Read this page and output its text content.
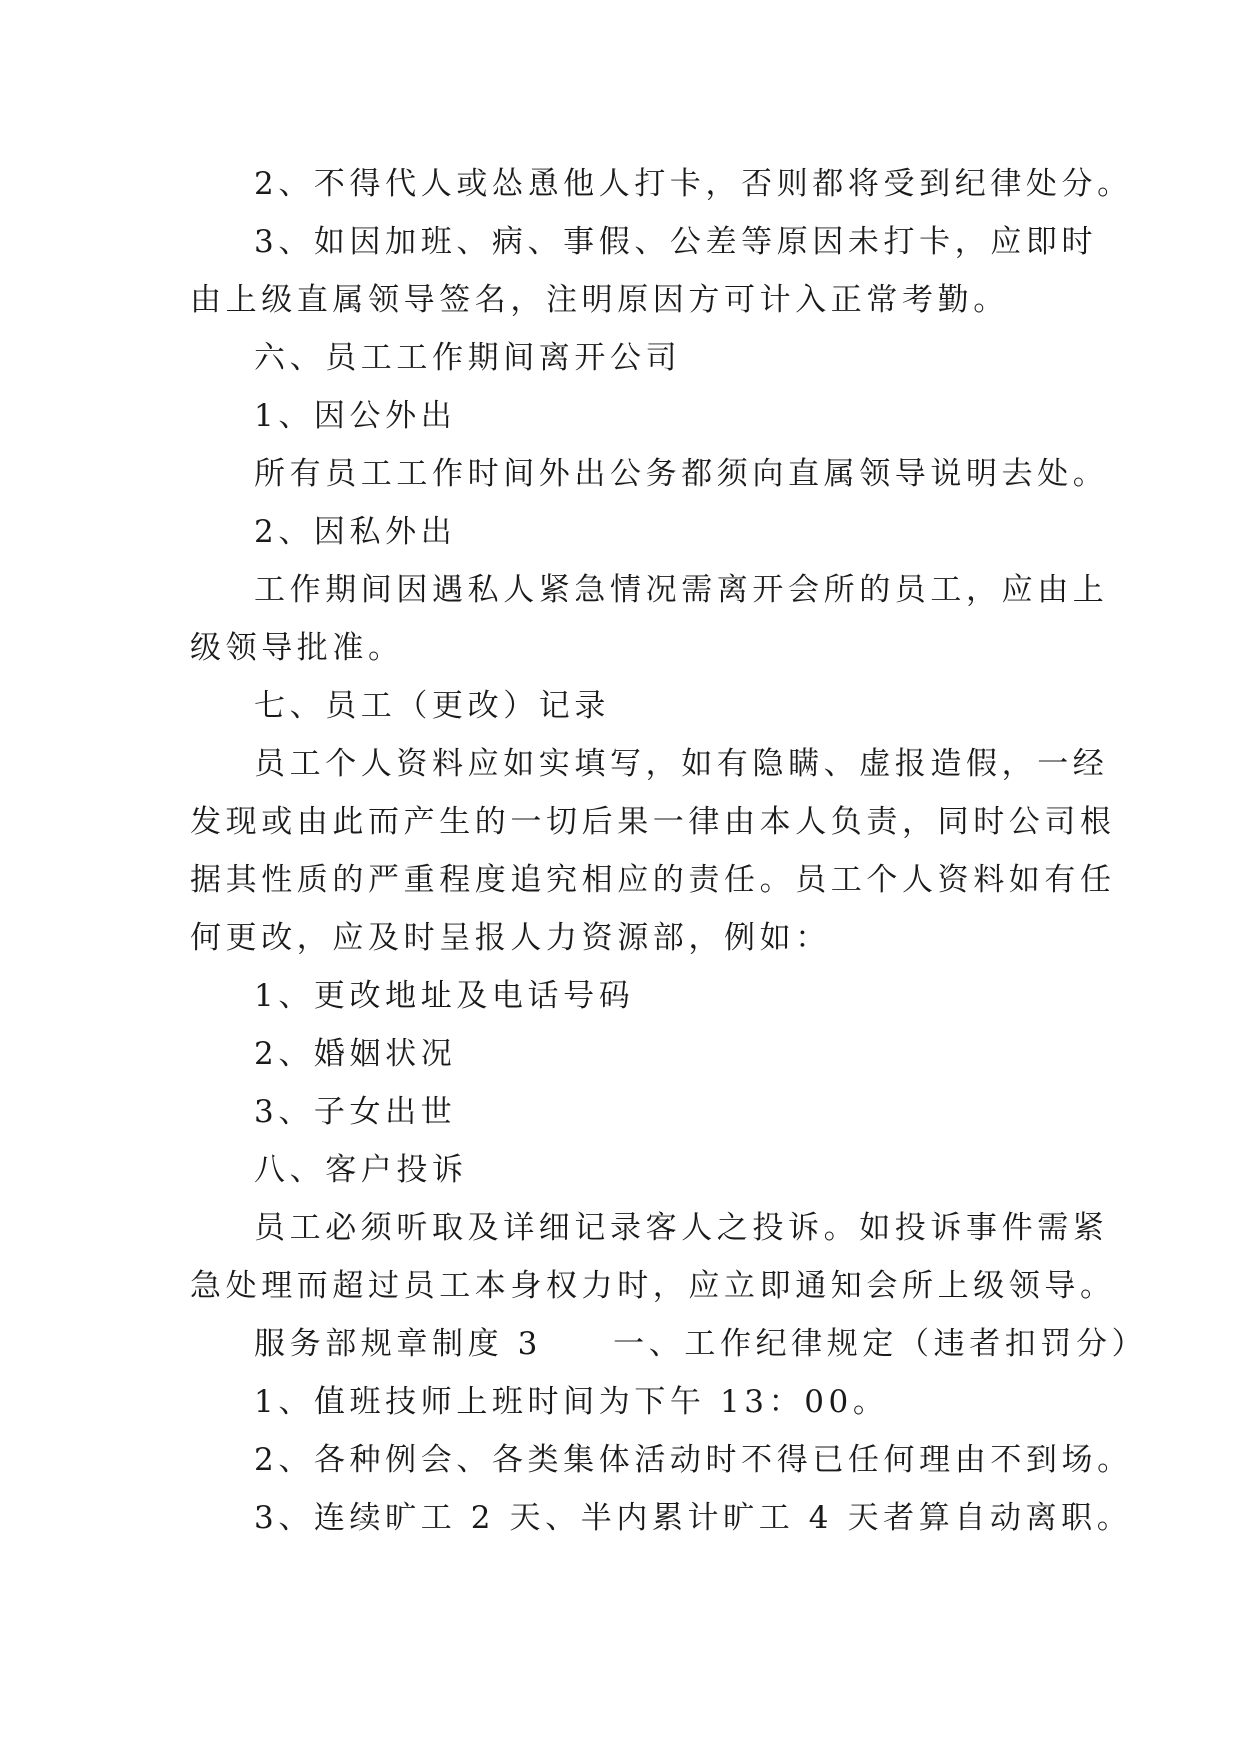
2、不得代人或怂恿他人打卡，否则都将受到纪律处分。
3、如因加班、病、事假、公差等原因未打卡，应即时
由上级直属领导签名，注明原因方可计入正常考勤。
六、员工工作期间离开公司
1、因公外出
所有员工工作时间外出公务都须向直属领导说明去处。
2、因私外出
工作期间因遇私人紧急情况需离开会所的员工，应由上
级领导批准。
七、员工（更改）记录
员工个人资料应如实填写，如有隐瞒、虚报造假，一经
发现或由此而产生的一切后果一律由本人负责，同时公司根
据其性质的严重程度追究相应的责任。员工个人资料如有任
何更改，应及时呈报人力资源部，例如：
1、更改地址及电话号码
2、婚姻状况
3、子女出世
八、客户投诉
员工必须听取及详细记录客人之投诉。如投诉事件需紧
急处理而超过员工本身权力时，应立即通知会所上级领导。
服务部规章制度 3　　一、工作纪律规定（违者扣罚分）
1、值班技师上班时间为下午 13：00。
2、各种例会、各类集体活动时不得已任何理由不到场。
3、连续旷工 2 天、半内累计旷工 4 天者算自动离职。
